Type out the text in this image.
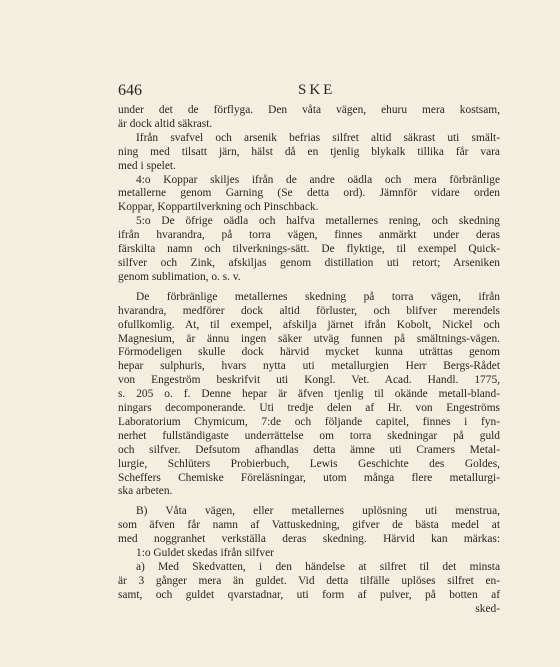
646	SKE
under det de förflyga. Den våta vägen, ehuru mera kostsam,
är dock altid säkrast.
Ifrån svafvel och arsenik befrias silfret altid säkrast uti smält-
ning med tilsatt järn, hälst då en tjenlig blykalk tillika får vara
med i spelet.
4:o Koppar skiljes ifrån de andre oädla och mera förbränlige
metallerne genom Garning (Se detta ord). Jämnför vidare orden
Koppar, Koppartilverkning och Pinschback.
5:o De öfrige oädla och halfva metallernes rening, och skedning
ifrån hvarandra, på torra vägen, finnes anmärkt under deras
färskilta namn och tilverknings-sätt. De flyktige, til exempel Quick-
silfver och Zink, afskiljas genom distillation uti retort; Arseniken
genom sublimation, o. s. v.
De förbränlige metallernes skedning på torra vägen, ifrån
hvarandra, medförer dock altid förluster, och blifver merendels
ofullkomlig. At, til exempel, afskilja järnet ifrån Kobolt, Nickel och
Magnesium, är ännu ingen säker utväg funnen på smältnings-vägen.
Förmodeligen skulle dock härvid mycket kunna uträttas genom
hepar sulphuris, hvars nytta uti metallurgien Herr Bergs-Rådet
von Engeström beskrifvit uti Kongl. Vet. Acad. Handl. 1775,
s. 205 o. f. Denne hepar är äfven tjenlig til okände metall-bland-
ningars decomponerande. Uti tredje delen af Hr. von Engeströms
Laboratorium Chymicum, 7:de och följande capitel, finnes i fyn-
nerhet fullständigaste underrättelse om torra skedningar på guld
och silfver. Defsutom afhandlas detta ämne uti Cramers Metal-
lurgie, Schlüters Probierbuch, Lewis Geschichte des Goldes,
Scheffers Chemiske Föreläsningar, utom många flere metallurgi-
ska arbeten.
B) Våta vägen, eller metallernes uplösning uti menstrua,
som äfven får namn af Vattuskedning, gifver de bästa medel at
med noggranhet verkställa deras skedning. Härvid kan märkas:
1:o Guldet skedas ifrån silfver
a) Med Skedvatten, i den händelse at silfret til det minsta
är 3 gånger mera än guldet. Vid detta tilfälle uplöses silfret en-
samt, och guldet qvarstadnar, uti form af pulver, på botten af
sked-
